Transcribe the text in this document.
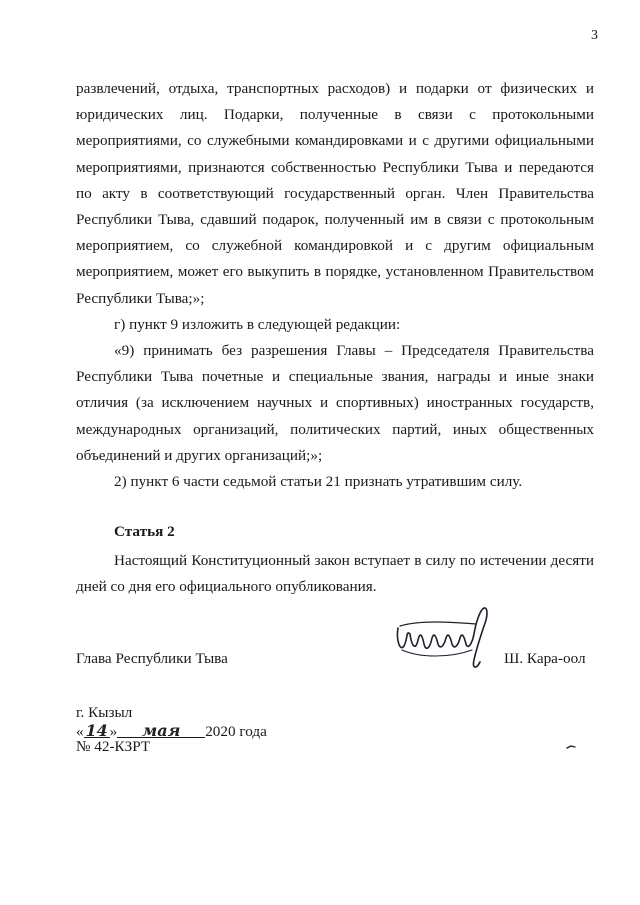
3

развлечений, отдыха, транспортных расходов) и подарки от физических и юридических лиц. Подарки, полученные в связи с протокольными мероприятиями, со служебными командировками и с другими официальными мероприятиями, признаются собственностью Республики Тыва и передаются по акту в соответствующий государственный орган. Член Правительства Республики Тыва, сдавший подарок, полученный им в связи с протокольным мероприятием, со служебной командировкой и с другим официальным мероприятием, может его выкупить в порядке, установленном Правительством Республики Тыва;»;

г) пункт 9 изложить в следующей редакции:

«9) принимать без разрешения Главы – Председателя Правительства Республики Тыва почетные и специальные звания, награды и иные знаки отличия (за исключением научных и спортивных) иностранных государств, международных организаций, политических партий, иных общественных объединений и других организаций;»;

2) пункт 6 части седьмой статьи 21 признать утратившим силу.

Статья 2

Настоящий Конституционный закон вступает в силу по истечении десяти дней со дня его официального опубликования.

Глава Республики Тыва	Ш. Кара-оол
г. Кызыл
« 14 » мая 2020 года
№ 42-КЗРТ
